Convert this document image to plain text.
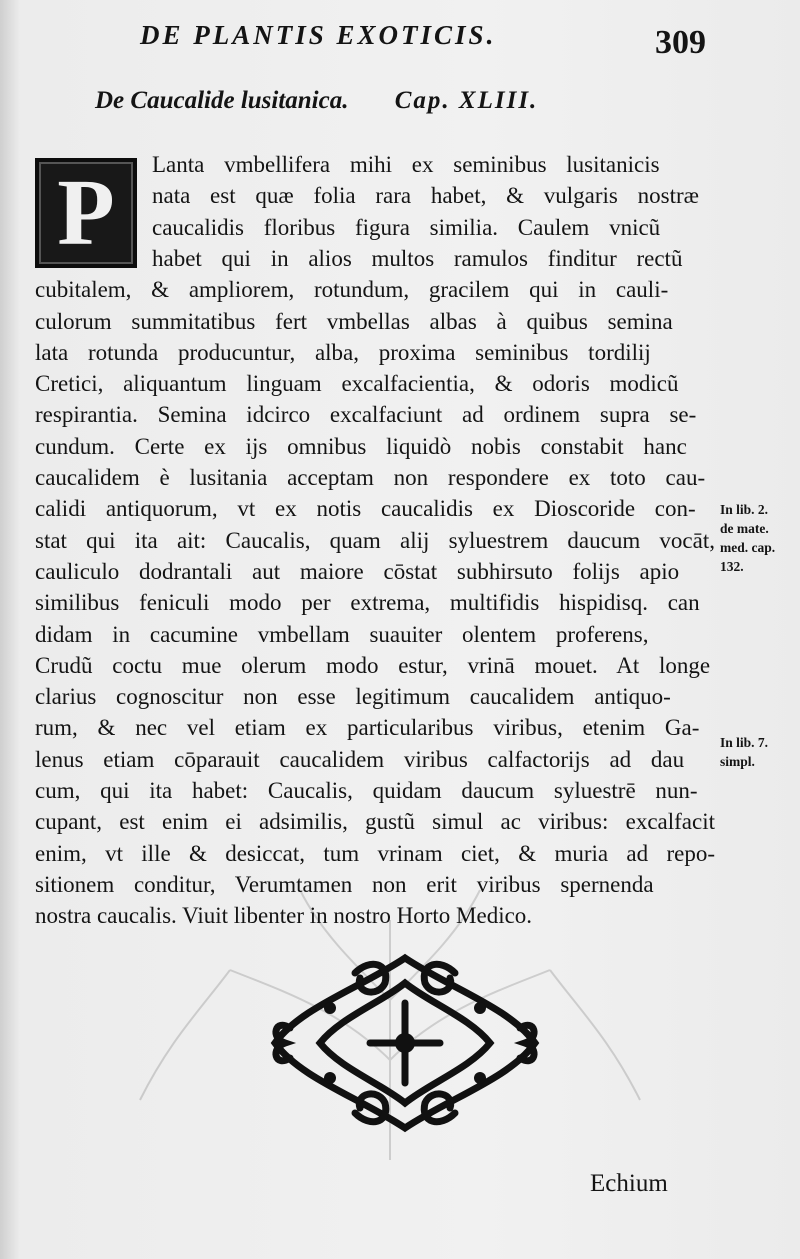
DE PLANTIS EXOTICIS.	309
De Caucalide lusitanica. Cap. XLIII.
P	Lanta vmbellifera mihi ex seminibus lusitanicis
nata est quæ folia rara habet, & vulgaris nostræ
caucalidis floribus figura similia. Caulem vnicũ
habet qui in alios multos ramulos finditur rectũ
cubitalem, & ampliorem, rotundum, gracilem qui in cauli-
culorum summitatibus fert vmbellas albas à quibus semina
lata rotunda producuntur, alba, proxima seminibus tordilij
Cretici, aliquantum linguam excalfacientia, & odoris modicũ
respirantia. Semina idcirco excalfaciunt ad ordinem supra se-
cundum. Certe ex ijs omnibus liquidò nobis constabit hanc
caucalidem è lusitania acceptam non respondere ex toto cau-
calidi antiquorum, vt ex notis caucalidis ex Dioscoride con-
stat qui ita ait: Caucalis, quam alij syluestrem daucum vocāt,
cauliculo dodrantali aut maiore cōstat subhirsuto folijs apio
similibus feniculi modo per extrema, multifidis hispidisq. can
didam in cacumine vmbellam suauiter olentem proferens,
Crudũ coctu mue olerum modo estur, vrinā mouet. At longe
clarius cognoscitur non esse legitimum caucalidem antiquo-
rum, & nec vel etiam ex particularibus viribus, etenim Ga-
lenus etiam cōparauit caucalidem viribus calfactorijs ad dau
cum, qui ita habet: Caucalis, quidam daucum syluestrē nun-
cupant, est enim ei adsimilis, gustũ simul ac viribus: excalfacit
enim, vt ille & desiccat, tum vrinam ciet, & muria ad repo-
sitionem conditur, Verumtamen non erit viribus spernenda
nostra caucalis. Viuit libenter in nostro Horto Medico.
In lib. 2.
de mate.
med. cap.
132.
In lib. 7.
simpl.
Echium
